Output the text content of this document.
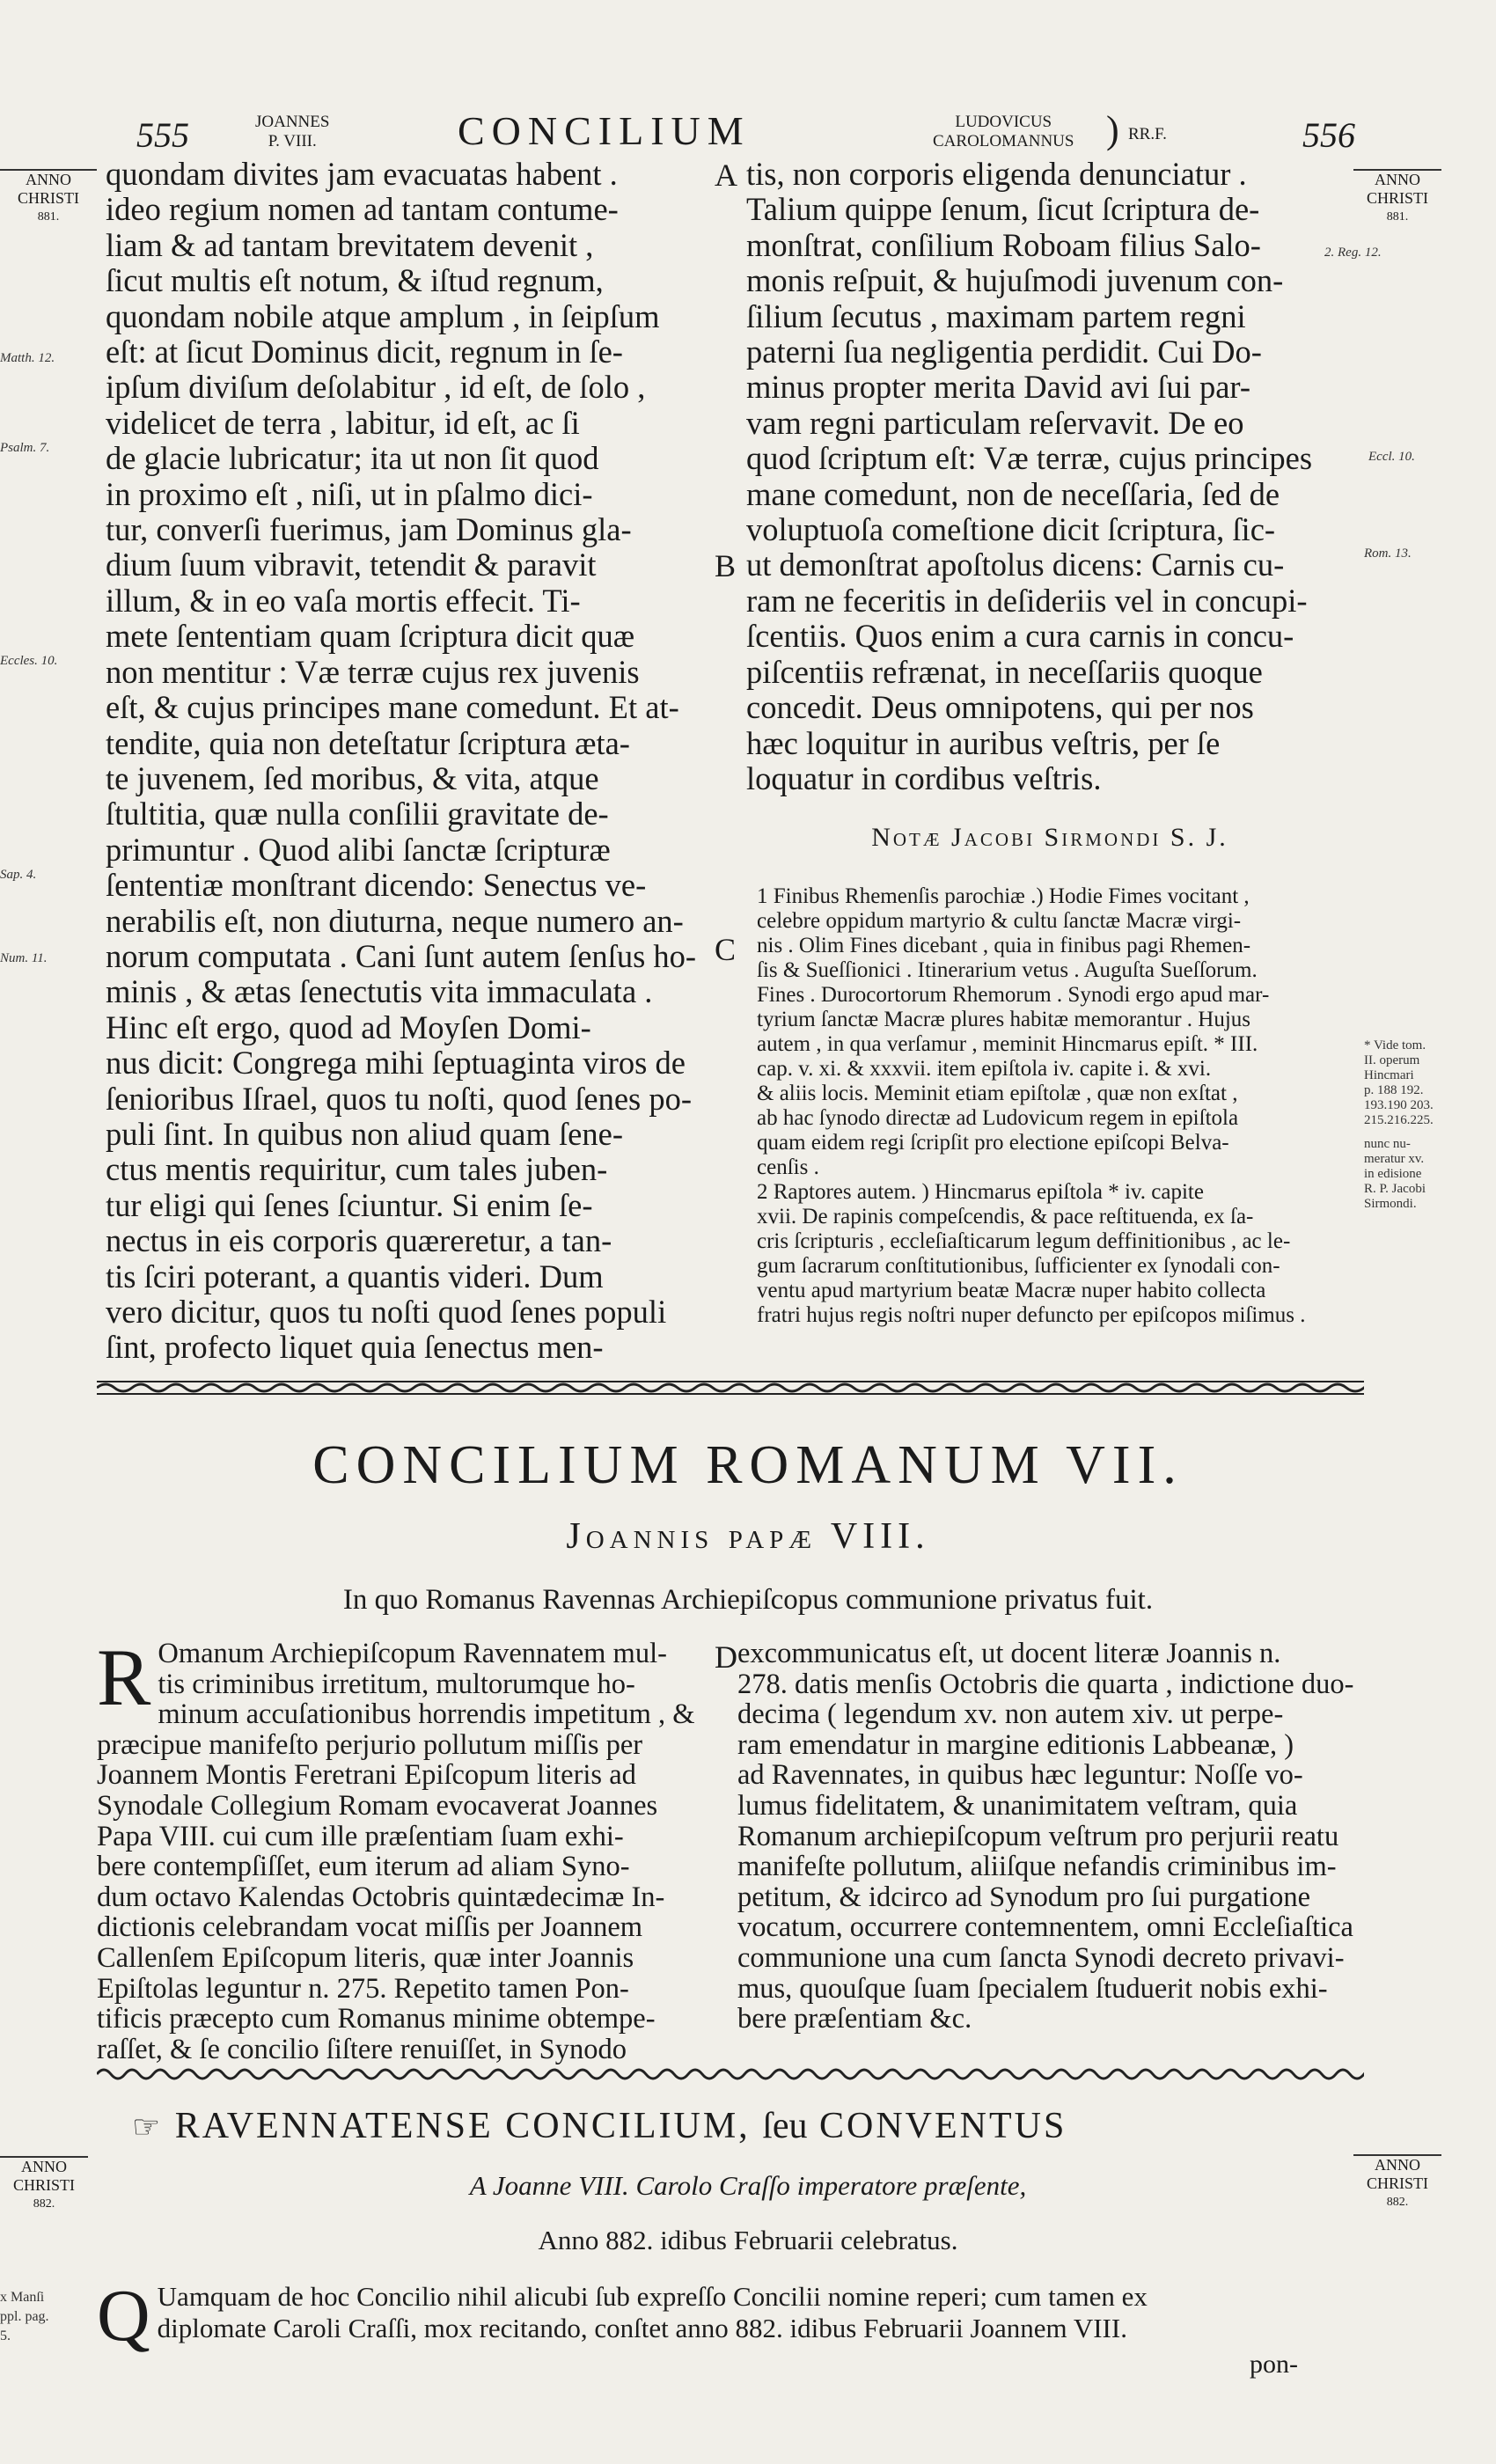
555	JOANNES
P. VIII.	CONCILIUM	LUDOVICUS
CAROLOMANNUS ) RR.F.	556
ANNO
CHRISTI
881.
Matth. 12.
Psalm. 7.
Eccles. 10.
Sap. 4.
Num. 11.
ANNO
CHRISTI
881.
2. Reg. 12.
Eccl. 10.
Rom. 13.
* Vide tom.
II. operum
Hincmari
p. 188 192.
193.190 203.
215.216.225.
nunc nu-
meratur xv.
in edisione
R. P. Jacobi
Sirmondi.
A
B
C
D
quondam divites jam evacuatas habent .
ideo regium nomen ad tantam contume-
liam & ad tantam brevitatem devenit ,
ſicut multis eſt notum, & iſtud regnum,
quondam nobile atque amplum , in ſeipſum
eſt: at ſicut Dominus dicit, regnum in ſe-
ipſum diviſum deſolabitur , id eſt, de ſolo ,
videlicet de terra , labitur, id eſt, ac ſi
de glacie lubricatur; ita ut non ſit quod
in proximo eſt , niſi, ut in pſalmo dici-
tur, converſi fuerimus, jam Dominus gla-
dium ſuum vibravit, tetendit & paravit
illum, & in eo vaſa mortis effecit. Ti-
mete ſententiam quam ſcriptura dicit quæ
non mentitur : Væ terræ cujus rex juvenis
eſt, & cujus principes mane comedunt. Et at-
tendite, quia non deteſtatur ſcriptura ætа-
te juvenem, ſed moribus, & vita, atque
ſtultitia, quæ nulla conſilii gravitate de-
primuntur . Quod alibi ſanctæ ſcripturæ
ſententiæ monſtrant dicendo: Senectus ve-
nerabilis eſt, non diuturna, neque numero an-
norum computata . Cani ſunt autem ſenſus ho-
minis , & ætas ſenectutis vita immaculata .
Hinc eſt ergo, quod ad Moyſen Domi-
nus dicit: Congrega mihi ſeptuaginta viros de
ſenioribus Iſrael, quos tu noſti, quod ſenes po-
puli ſint. In quibus non aliud quam ſene-
ctus mentis requiritur, cum tales juben-
tur eligi qui ſenes ſciuntur. Si enim ſe-
nectus in eis corporis quæreretur, a tan-
tis ſciri poterant, a quantis videri. Dum
vero dicitur, quos tu noſti quod ſenes populi
ſint, profecto liquet quia ſenectus men-
tis, non corporis eligenda denunciatur .
Talium quippe ſenum, ſicut ſcriptura de-
monſtrat, conſilium Roboam filius Salo-
monis reſpuit, & hujuſmodi juvenum con-
ſilium ſecutus , maximam partem regni
paterni ſua negligentia perdidit. Cui Do-
minus propter merita David avi ſui par-
vam regni particulam reſervavit. De eo
quod ſcriptum eſt: Væ terræ, cujus principes
mane comedunt, non de neceſſaria, ſed de
voluptuoſa comeſtione dicit ſcriptura, ſic-
ut demonſtrat apoſtolus dicens: Carnis cu-
ram ne feceritis in deſideriis vel in concupi-
ſcentiis. Quos enim a cura carnis in concu-
piſcentiis refrænat, in neceſſariis quoque
concedit. Deus omnipotens, qui per nos
hæc loquitur in auribus veſtris, per ſe
loquatur in cordibus veſtris.
Notæ Jacobi Sirmondi S. J.
1 Finibus Rhemenſis parochiæ .) Hodie Fimes vocitant ,
celebre oppidum martyrio & cultu ſanctæ Macræ virgi-
nis . Olim Fines dicebant , quia in finibus pagi Rhemen-
ſis & Sueſſionici . Itinerarium vetus . Auguſta Sueſſorum.
Fines . Durocortorum Rhemorum . Synodi ergo apud mar-
tyrium ſanctæ Macræ plures habitæ memorantur . Hujus
autem , in qua verſamur , meminit Hincmarus epiſt. * III.
cap. v. xi. & xxxvii. item epiſtola iv. capite i. & xvi.
& aliis locis. Meminit etiam epiſtolæ , quæ non exſtat ,
ab hac ſynodo directæ ad Ludovicum regem in epiſtola
quam eidem regi ſcripſit pro electione epiſcopi Belva-
cenſis .
2 Raptores autem. ) Hincmarus epiſtola * iv. capite
xvii. De rapinis compeſcendis, & pace reſtituenda, ex ſa-
cris ſcripturis , eccleſiaſticarum legum deffinitionibus , ac le-
gum ſacrarum conſtitutionibus, ſufficienter ex ſynodali con-
ventu apud martyrium beatæ Macræ nuper habito collecta
fratri hujus regis noſtri nuper defuncto per epiſcopos miſimus .
CONCILIUM ROMANUM VII.
Joannis papæ VIII.
In quo Romanus Ravennas Archiepiſcopus communione privatus fuit.
R Omanum Archiepiſcopum Ravennatem mul-
tis criminibus irretitum, multorumque ho-
minum accuſationibus horrendis impetitum , &
præcipue manifeſto perjurio pollutum miſſis per
Joannem Montis Feretrani Epiſcopum literis ad
Synodale Collegium Romam evocaverat Joannes
Papa VIII. cui cum ille præſentiam ſuam exhi-
bere contempſiſſet, eum iterum ad aliam Syno-
dum octavo Kalendas Octobris quintædecimæ In-
dictionis celebrandam vocat miſſis per Joannem
Callenſem Epiſcopum literis, quæ inter Joannis
Epiſtolas leguntur n. 275. Repetito tamen Pon-
tificis præcepto cum Romanus minime obtempe-
raſſet, & ſe concilio ſiſtere renuiſſet, in Synodo
excommunicatus eſt, ut docent literæ Joannis n.
278. datis menſis Octobris die quarta , indictione duo-
decima ( legendum xv. non autem xiv. ut perpe-
ram emendatur in margine editionis Labbeanæ, )
ad Ravennates, in quibus hæc leguntur: Noſſe vo-
lumus fidelitatem, & unanimitatem veſtram, quia
Romanum archiepiſcopum veſtrum pro perjurii reatu
manifeſte pollutum, aliiſque nefandis criminibus im-
petitum, & idcirco ad Synodum pro ſui purgatione
vocatum, occurrere contemnentem, omni Eccleſiaſtica
communione una cum ſancta Synodi decreto privavi-
mus, quouſque ſuam ſpecialem ſtuduerit nobis exhi-
bere præſentiam &c.
☞ RAVENNATENSE CONCILIUM, ſeu CONVENTUS
A Joanne VIII. Carolo Craſſo imperatore præſente,
Anno 882. idibus Februarii celebratus.
ANNO
CHRISTI
882.
ANNO
CHRISTI
882.
x Manſi
ppl. pag.
5.	Q Uamquam de hoc Concilio nihil alicubi ſub expreſſo Concilii nomine reperi; cum tamen ex
diplomate Caroli Craſſi, mox recitando, conſtet anno 882. idibus Februarii Joannem VIII.
pon-
